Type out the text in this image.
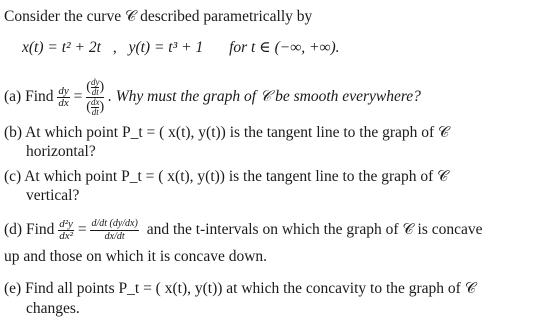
Consider the curve 𝒞 described parametrically by
x(t) = t² + 2t , y(t) = t³ + 1 for t ∈ (−∞, +∞).
(a) Find $\frac{dy}{dx} = \frac{( \frac{dy}{dt} )}{( \frac{dx}{dt} )}$ . Why must the graph of 𝒞 be smooth everywhere?
(b) At which point P_t = ( x(t), y(t)) is the tangent line to the graph of 𝒞
horizontal?
(c) At which point P_t = ( x(t), y(t)) is the tangent line to the graph of 𝒞
vertical?
(d) Find $\frac{\text{d²y}}{\text{dx²}} = \frac{d/dt (dy/dx)}{dx/dt}$ and the t-intervals on which the graph of 𝒞 is concave
up and those on which it is concave down.
(e) Find all points P_t = ( x(t), y(t)) at which the concavity to the graph of 𝒞
changes.
